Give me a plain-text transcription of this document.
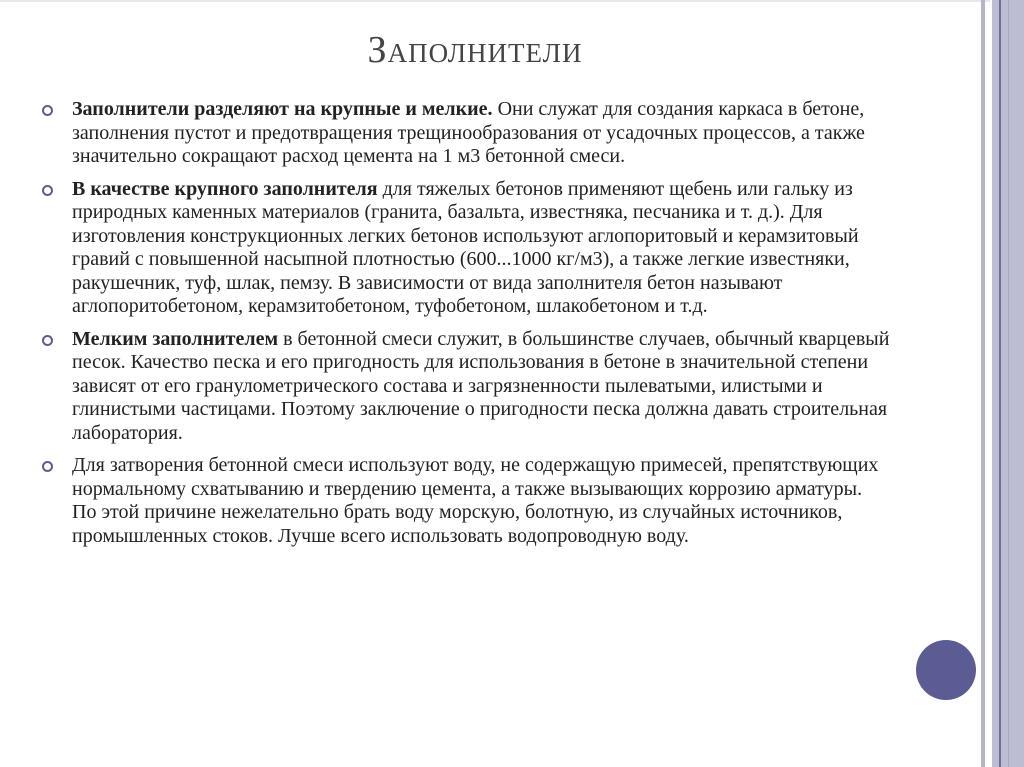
Заполнители
Заполнители разделяют на крупные и мелкие. Они служат для создания каркаса в бетоне, заполнения пустот и предотвращения трещинообразования от усадочных процессов, а также значительно сокращают расход цемента на 1 м3 бетонной смеси.
В качестве крупного заполнителя для тяжелых бетонов применяют щебень или гальку из природных каменных материалов (гранита, базальта, известняка, песчаника и т. д.). Для изготовления конструкционных легких бетонов используют аглопоритовый и керамзитовый гравий с повышенной насыпной плотностью (600...1000 кг/м3), а также легкие известняки, ракушечник, туф, шлак, пемзу. В зависимости от вида заполнителя бетон называют аглопоритобетоном, керамзитобетоном, туфобетоном, шлакобетоном и т.д.
Мелким заполнителем в бетонной смеси служит, в большинстве случаев, обычный кварцевый песок. Качество песка и его пригодность для использования в бетоне в значительной степени зависят от его гранулометрического состава и загрязненности пылеватыми, илистыми и глинистыми частицами. Поэтому заключение о пригодности песка должна давать строительная лаборатория.
Для затворения бетонной смеси используют воду, не содержащую примесей, препятствующих нормальному схватыванию и твердению цемента, а также вызывающих коррозию арматуры. По этой причине нежелательно брать воду морскую, болотную, из случайных источников, промышленных стоков. Лучше всего использовать водопроводную воду.
